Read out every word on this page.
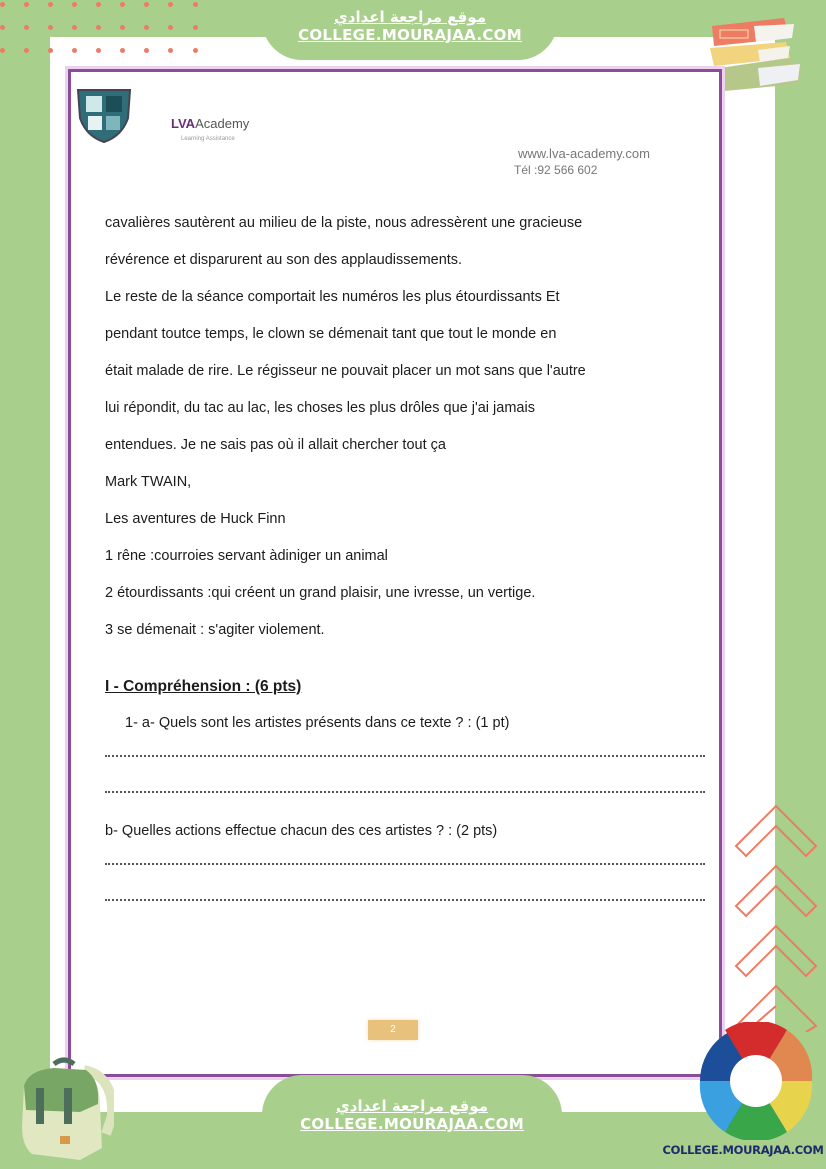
موقع مراجعة اعدادي
COLLEGE.MOURAJAA.COM
LVAAcademy
Learning Assistance
www.lva-academy.com
Tél :92 566 602
cavalières sautèrent au milieu de la piste, nous adressèrent une gracieuse
révérence et disparurent au son des applaudissements.
Le reste de la séance comportait les numéros les plus étourdissants Et
pendant toutce temps, le clown se démenait tant que tout le monde en
était malade de rire. Le régisseur ne pouvait placer un mot sans que l'autre
lui répondit, du tac au lac, les choses les plus drôles que j'ai jamais
entendues. Je ne sais pas où il allait chercher tout ça
Mark TWAIN,
Les aventures de Huck Finn
1 rêne :courroies servant àdiniger un animal
2 étourdissants :qui créent un grand plaisir, une ivresse, un vertige.
3 se démenait : s'agiter violement.
I - Compréhension : (6 pts)
1- a- Quels sont les artistes présents dans ce texte ? : (1 pt)
b- Quelles actions effectue chacun des ces artistes ? : (2 pts)
2
موقع مراجعة اعدادي
COLLEGE.MOURAJAA.COM
COLLEGE.MOURAJAA.COM
